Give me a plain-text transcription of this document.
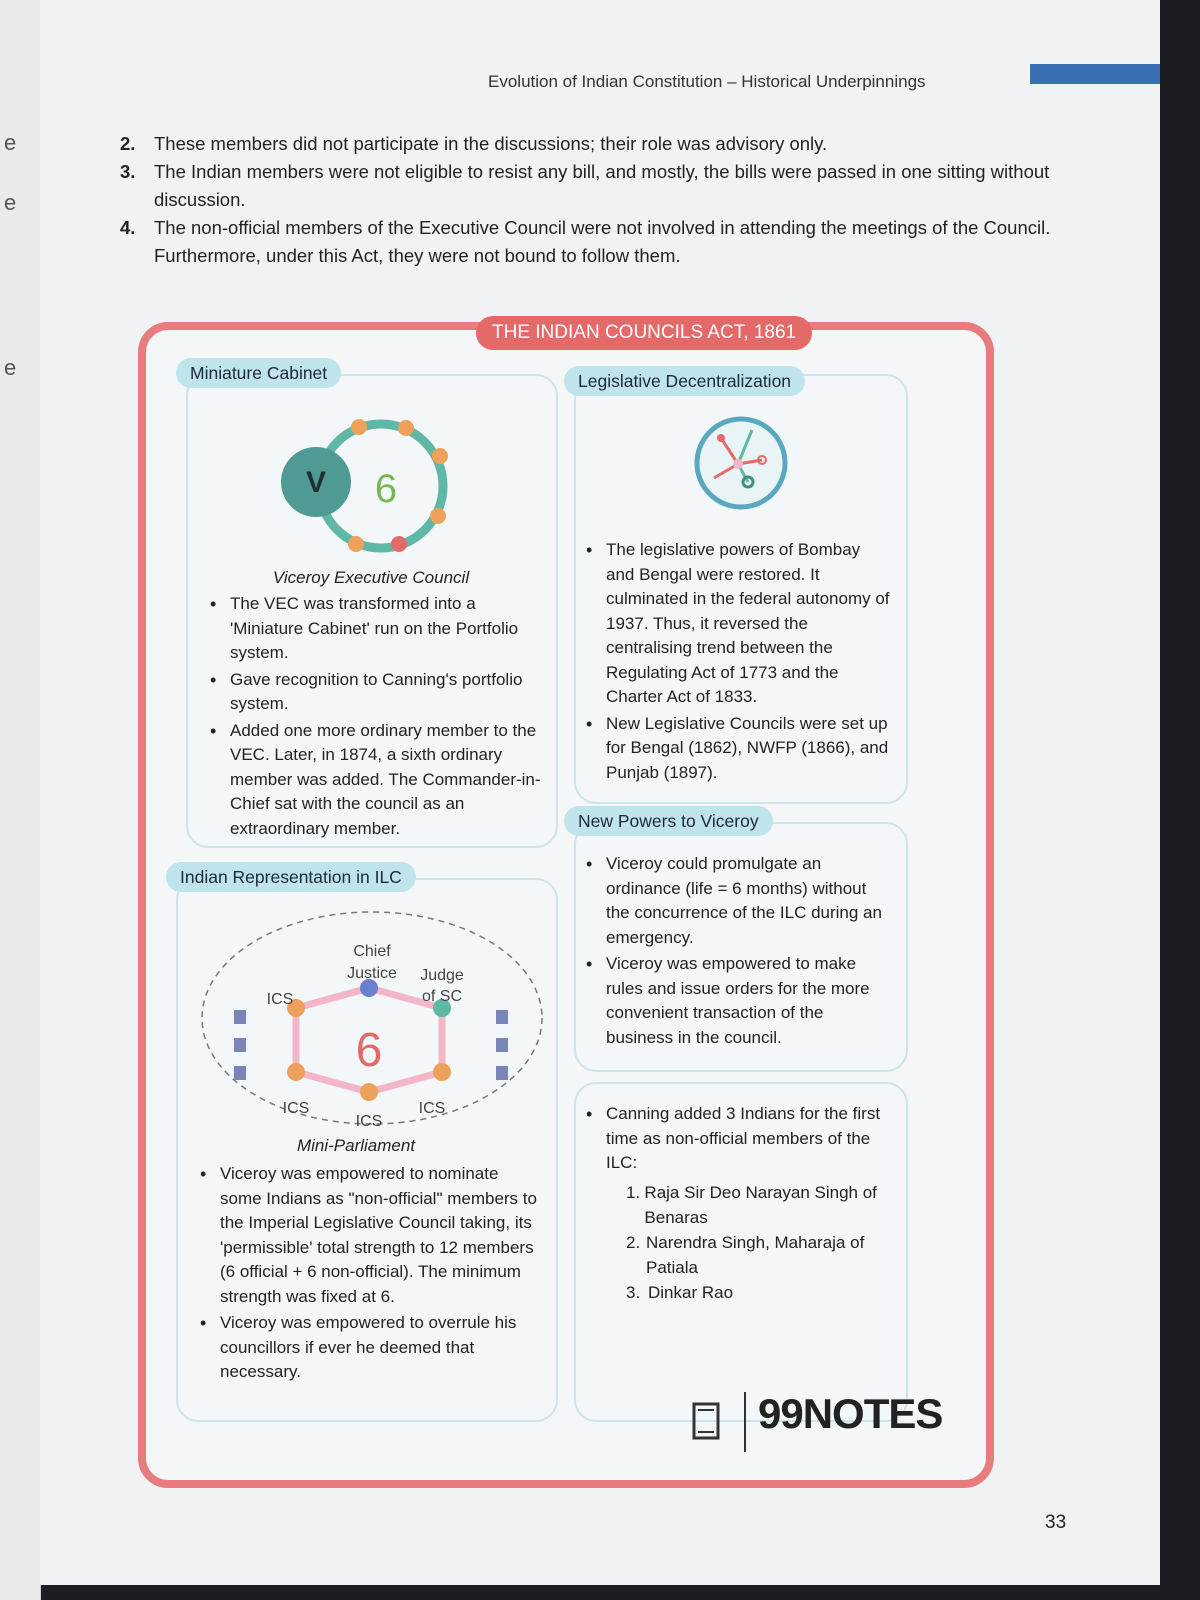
e
e
e
Evolution of Indian Constitution – Historical Underpinnings
2.	These members did not participate in the discussions; their role was advisory only.
3.	The Indian members were not eligible to resist any bill, and mostly, the bills were passed in one sitting without discussion.
4.	The non-official members of the Executive Council were not involved in attending the meetings of the Council. Furthermore, under this Act, they were not bound to follow them.
THE INDIAN COUNCILS ACT, 1861
Miniature Cabinet
V 6
Viceroy Executive Council
• The VEC was transformed into a 'Miniature Cabinet' run on the Portfolio system.
• Gave recognition to Canning's portfolio system.
• Added one more ordinary member to the VEC. Later, in 1874, a sixth ordinary member was added. The Commander-in-Chief sat with the council as an extraordinary member.
Indian Representation in ILC
6
Chief
Justice Judge
of SC
ICS
ICS	ICS
ICS
Mini-Parliament
• Viceroy was empowered to nominate some Indians as "non-official" members to the Imperial Legislative Council taking, its 'permissible' total strength to 12 members (6 official + 6 non-official). The minimum strength was fixed at 6.
• Viceroy was empowered to overrule his councillors if ever he deemed that necessary.
Legislative Decentralization
• The legislative powers of Bombay and Bengal were restored. It culminated in the federal autonomy of 1937. Thus, it reversed the centralising trend between the Regulating Act of 1773 and the Charter Act of 1833.
• New Legislative Councils were set up for Bengal (1862), NWFP (1866), and Punjab (1897).
New Powers to Viceroy
• Viceroy could promulgate an ordinance (life = 6 months) without the concurrence of the ILC during an emergency.
• Viceroy was empowered to make rules and issue orders for the more convenient transaction of the business in the council.
• Canning added 3 Indians for the first time as non-official members of the ILC:
1. Raja Sir Deo Narayan Singh of Benaras
2. Narendra Singh, Maharaja of Patiala
3. Dinkar Rao
99NOTES
33
